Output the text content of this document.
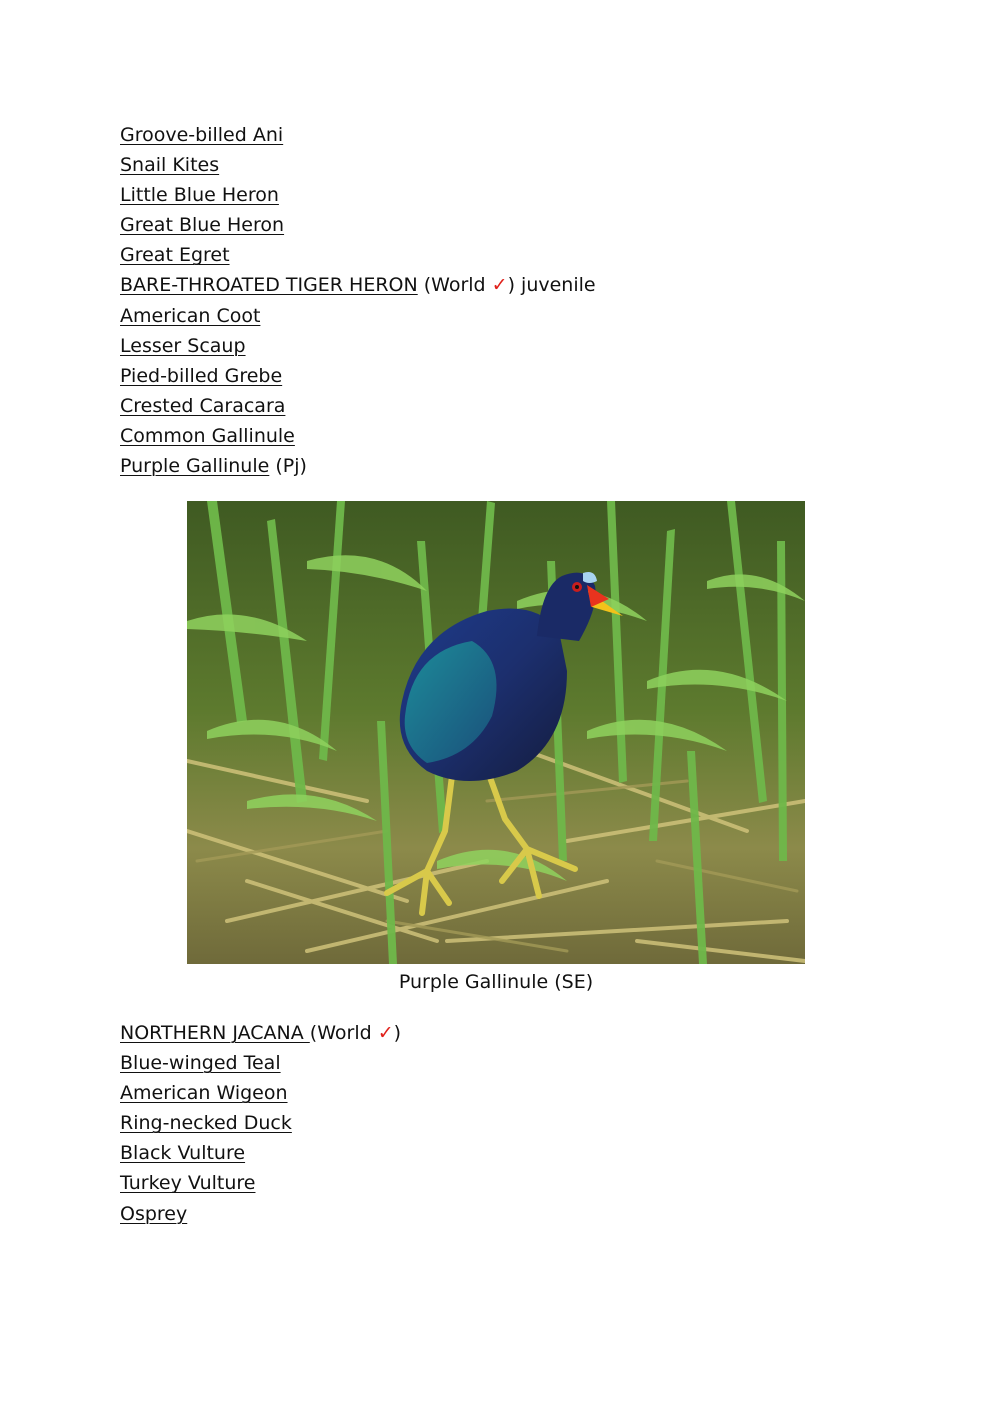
Groove-billed Ani
Snail Kites
Little Blue Heron
Great Blue Heron
Great Egret
BARE-THROATED TIGER HERON (World ✓) juvenile
American Coot
Lesser Scaup
Pied-billed Grebe
Crested Caracara
Common Gallinule
Purple Gallinule (Pj)
Purple Gallinule (SE)
NORTHERN JACANA (World ✓)
Blue-winged Teal
American Wigeon
Ring-necked Duck
Black Vulture
Turkey Vulture
Osprey
